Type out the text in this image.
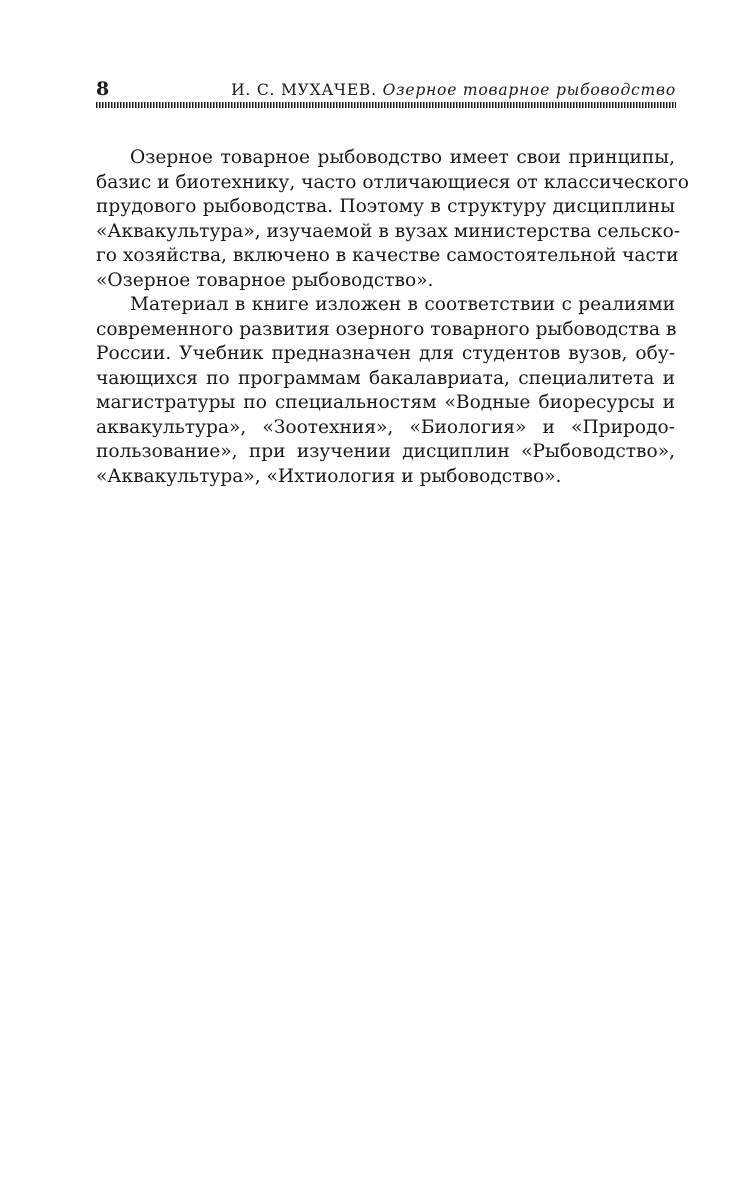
8	И. С. МУХАЧЕВ. Озерное товарное рыбоводство
Озерное товарное рыбоводство имеет свои принципы,
базис и биотехнику, часто отличающиеся от классического
прудового рыбоводства. Поэтому в структуру дисциплины
«Аквакультура», изучаемой в вузах министерства сельско-
го хозяйства, включено в качестве самостоятельной части
«Озерное товарное рыбоводство».
Материал в книге изложен в соответствии с реалиями
современного развития озерного товарного рыбоводства в
России. Учебник предназначен для студентов вузов, обу-
чающихся по программам бакалавриата, специалитета и
магистратуры по специальностям «Водные биоресурсы и
аквакультура», «Зоотехния», «Биология» и «Природо-
пользование», при изучении дисциплин «Рыбоводство»,
«Аквакультура», «Ихтиология и рыбоводство».
